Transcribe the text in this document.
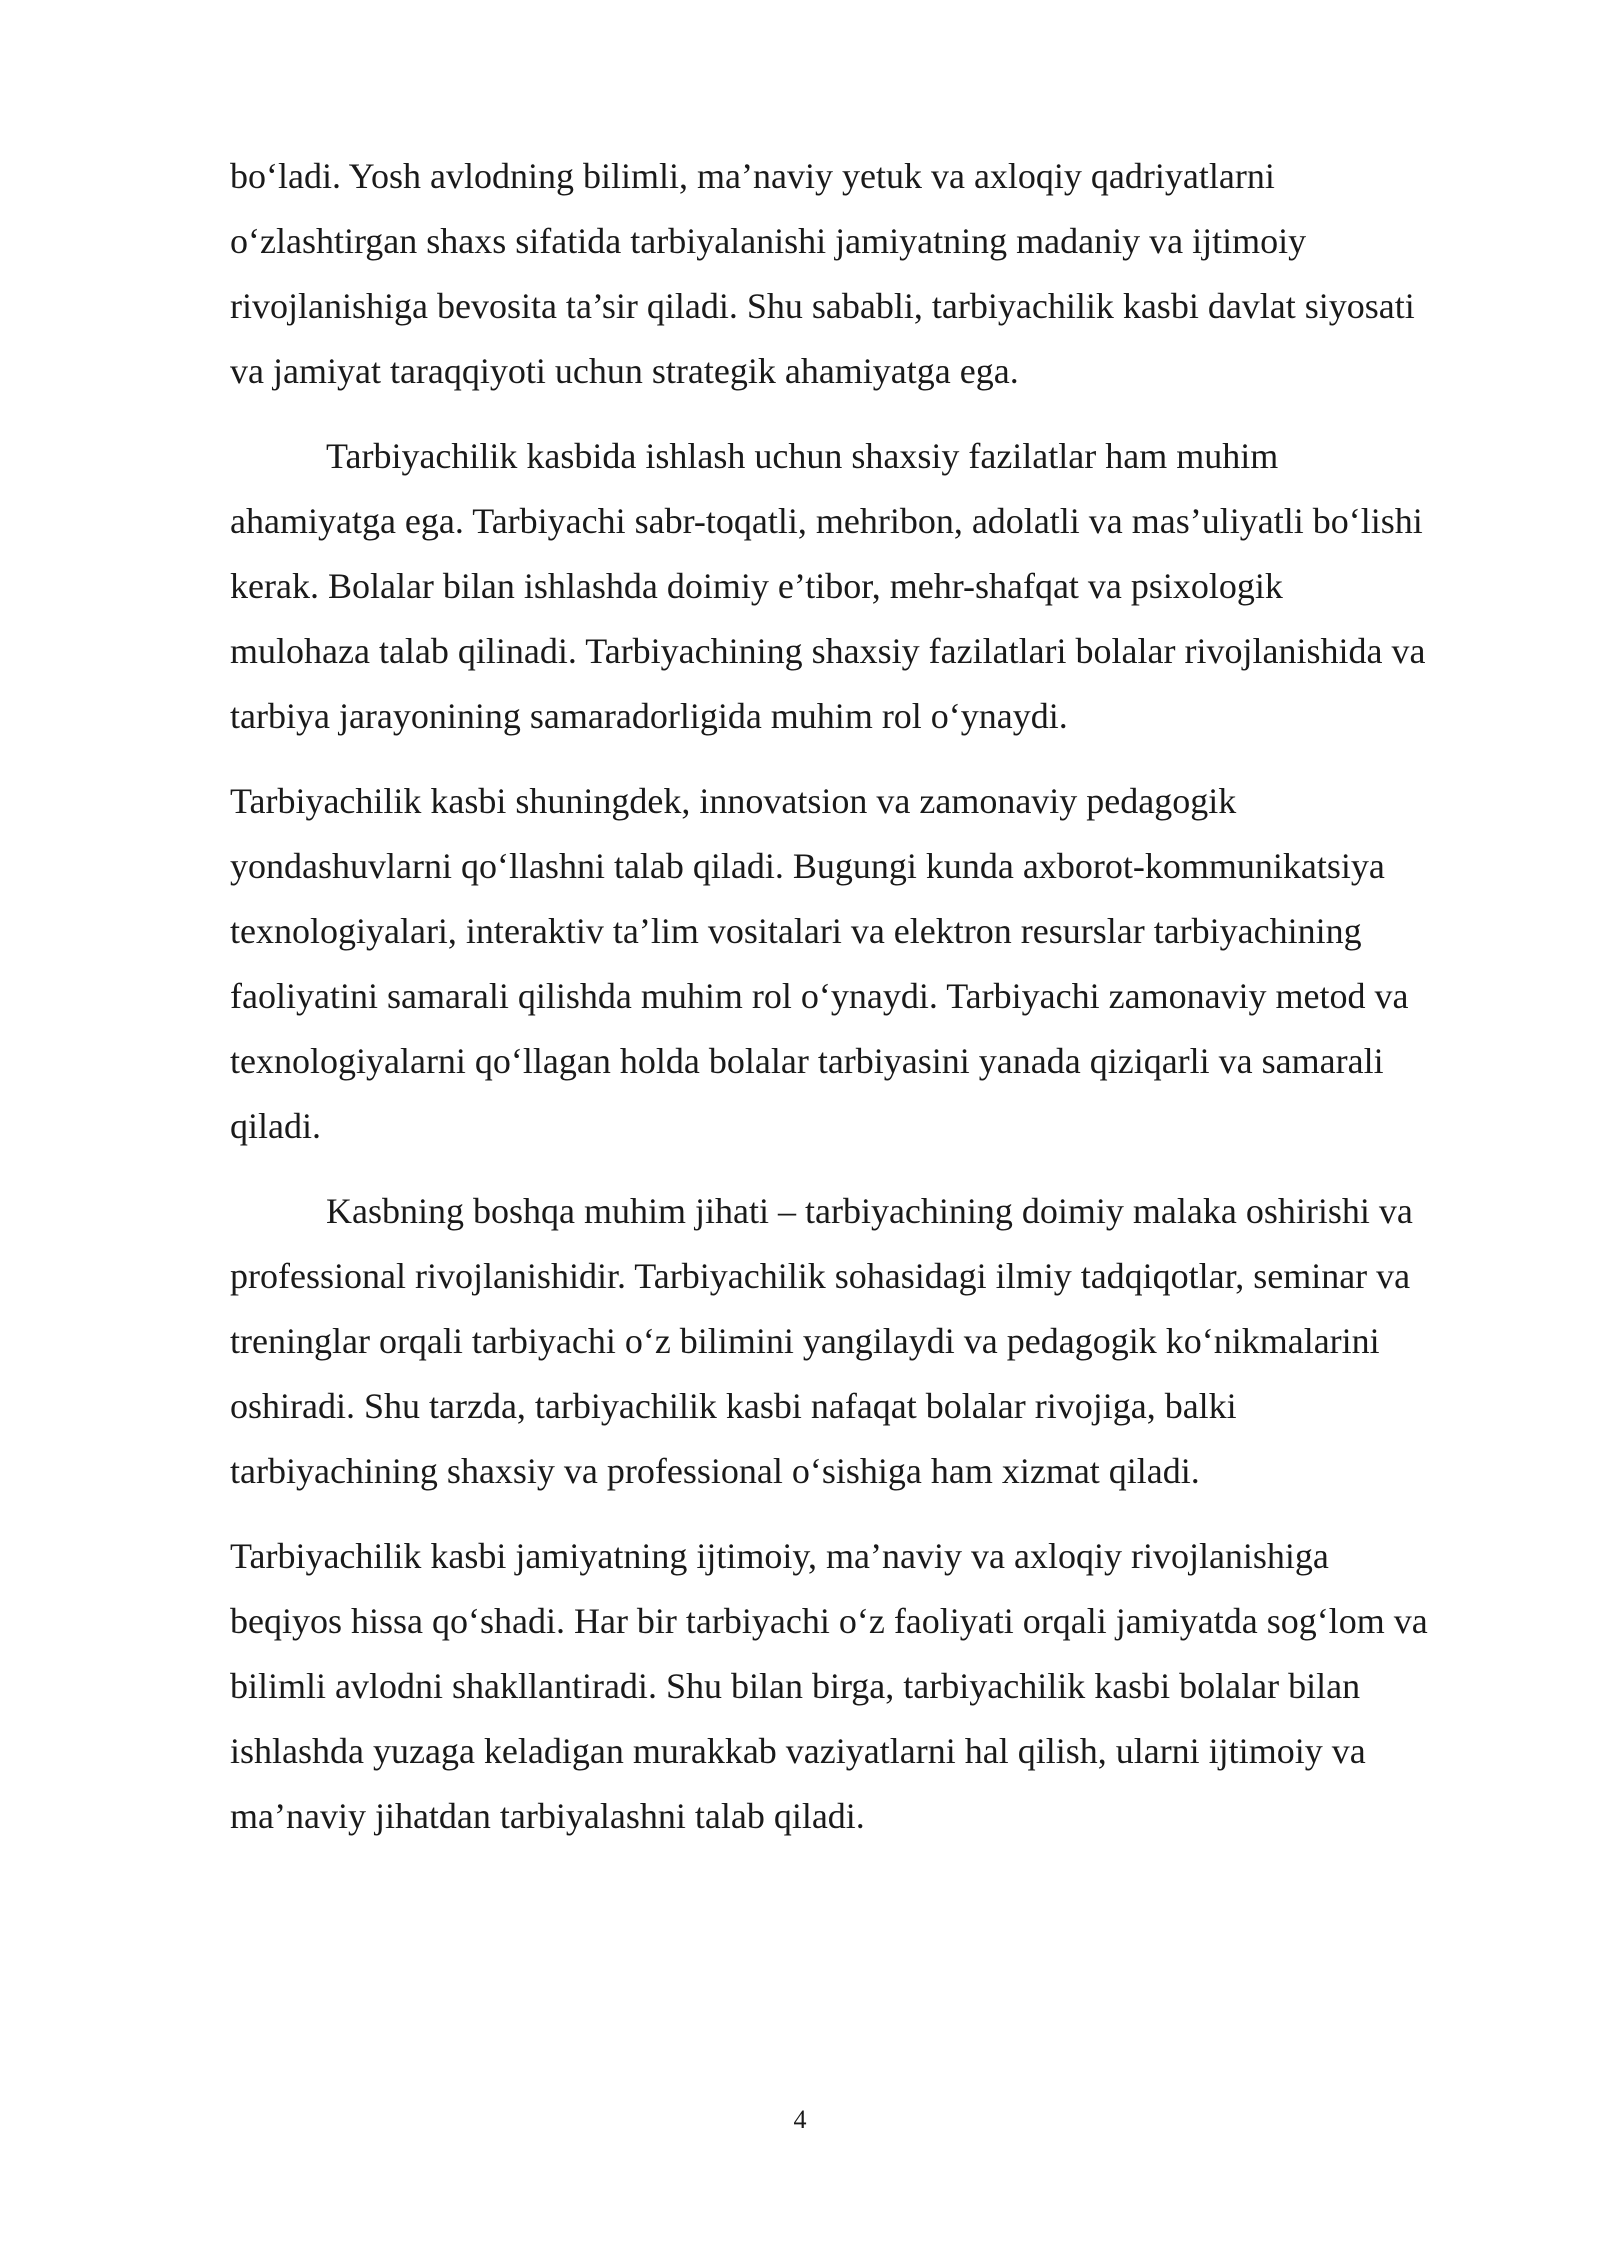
bo‘ladi. Yosh avlodning bilimli, ma’naviy yetuk va axloqiy qadriyatlarni
o‘zlashtirgan shaxs sifatida tarbiyalanishi jamiyatning madaniy va ijtimoiy
rivojlanishiga bevosita ta’sir qiladi. Shu sababli, tarbiyachilik kasbi davlat siyosati
va jamiyat taraqqiyoti uchun strategik ahamiyatga ega.
Tarbiyachilik kasbida ishlash uchun shaxsiy fazilatlar ham muhim
ahamiyatga ega. Tarbiyachi sabr-toqatli, mehribon, adolatli va mas’uliyatli bo‘lishi
kerak. Bolalar bilan ishlashda doimiy e’tibor, mehr-shafqat va psixologik
mulohaza talab qilinadi. Tarbiyachining shaxsiy fazilatlari bolalar rivojlanishida va
tarbiya jarayonining samaradorligida muhim rol o‘ynaydi.
Tarbiyachilik kasbi shuningdek, innovatsion va zamonaviy pedagogik
yondashuvlarni qo‘llashni talab qiladi. Bugungi kunda axborot-kommunikatsiya
texnologiyalari, interaktiv ta’lim vositalari va elektron resurslar tarbiyachining
faoliyatini samarali qilishda muhim rol o‘ynaydi. Tarbiyachi zamonaviy metod va
texnologiyalarni qo‘llagan holda bolalar tarbiyasini yanada qiziqarli va samarali
qiladi.
Kasbning boshqa muhim jihati – tarbiyachining doimiy malaka oshirishi va
professional rivojlanishidir. Tarbiyachilik sohasidagi ilmiy tadqiqotlar, seminar va
treninglar orqali tarbiyachi o‘z bilimini yangilaydi va pedagogik ko‘nikmalarini
oshiradi. Shu tarzda, tarbiyachilik kasbi nafaqat bolalar rivojiga, balki
tarbiyachining shaxsiy va professional o‘sishiga ham xizmat qiladi.
Tarbiyachilik kasbi jamiyatning ijtimoiy, ma’naviy va axloqiy rivojlanishiga
beqiyos hissa qo‘shadi. Har bir tarbiyachi o‘z faoliyati orqali jamiyatda sog‘lom va
bilimli avlodni shakllantiradi. Shu bilan birga, tarbiyachilik kasbi bolalar bilan
ishlashda yuzaga keladigan murakkab vaziyatlarni hal qilish, ularni ijtimoiy va
ma’naviy jihatdan tarbiyalashni talab qiladi.
4
